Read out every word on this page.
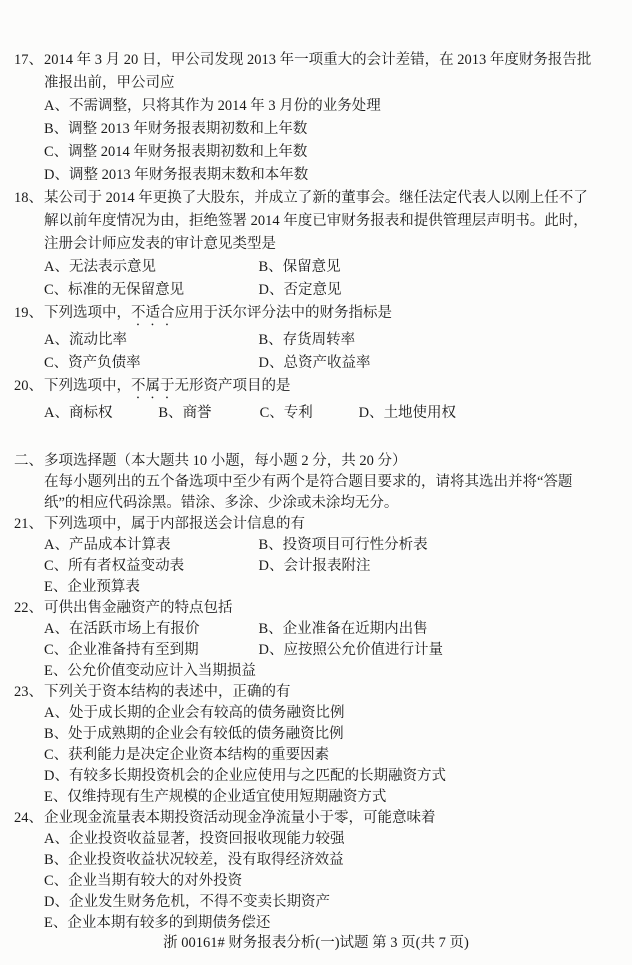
17、 2014 年 3 月 20 日，甲公司发现 2013 年一项重大的会计差错，在 2013 年度财务报告批
准报出前，甲公司应
A、不需调整，只将其作为 2014 年 3 月份的业务处理
B、调整 2013 年财务报表期初数和上年数
C、调整 2014 年财务报表期初数和上年数
D、调整 2013 年财务报表期末数和本年数
18、 某公司于 2014 年更换了大股东，并成立了新的董事会。继任法定代表人以刚上任不了
解以前年度情况为由，拒绝签署 2014 年度已审财务报表和提供管理层声明书。此时，
注册会计师应发表的审计意见类型是
A、无法表示意见	B、保留意见
C、标准的无保留意见	D、否定意见
19、 下列选项中，不适合应用于沃尔评分法中的财务指标是
A、流动比率	B、存货周转率
C、资产负债率	D、总资产收益率
20、 下列选项中，不属于无形资产项目的是
A、商标权	B、商誉	C、专利	D、土地使用权
二、 多项选择题（本大题共 10 小题，每小题 2 分，共 20 分）
在每小题列出的五个备选项中至少有两个是符合题目要求的，请将其选出并将“答题
纸”的相应代码涂黑。错涂、多涂、少涂或未涂均无分。
21、 下列选项中，属于内部报送会计信息的有
A、产品成本计算表	B、投资项目可行性分析表
C、所有者权益变动表	D、会计报表附注
E、企业预算表
22、 可供出售金融资产的特点包括
A、在活跃市场上有报价	B、企业准备在近期内出售
C、企业准备持有至到期	D、应按照公允价值进行计量
E、公允价值变动应计入当期损益
23、 下列关于资本结构的表述中，正确的有
A、处于成长期的企业会有较高的债务融资比例
B、处于成熟期的企业会有较低的债务融资比例
C、获利能力是决定企业资本结构的重要因素
D、有较多长期投资机会的企业应使用与之匹配的长期融资方式
E、仅维持现有生产规模的企业适宜使用短期融资方式
24、 企业现金流量表本期投资活动现金净流量小于零，可能意味着
A、企业投资收益显著，投资回报收现能力较强
B、企业投资收益状况较差，没有取得经济效益
C、企业当期有较大的对外投资
D、企业发生财务危机，不得不变卖长期资产
E、企业本期有较多的到期债务偿还
浙 00161# 财务报表分析(一)试题 第 3 页(共 7 页)
